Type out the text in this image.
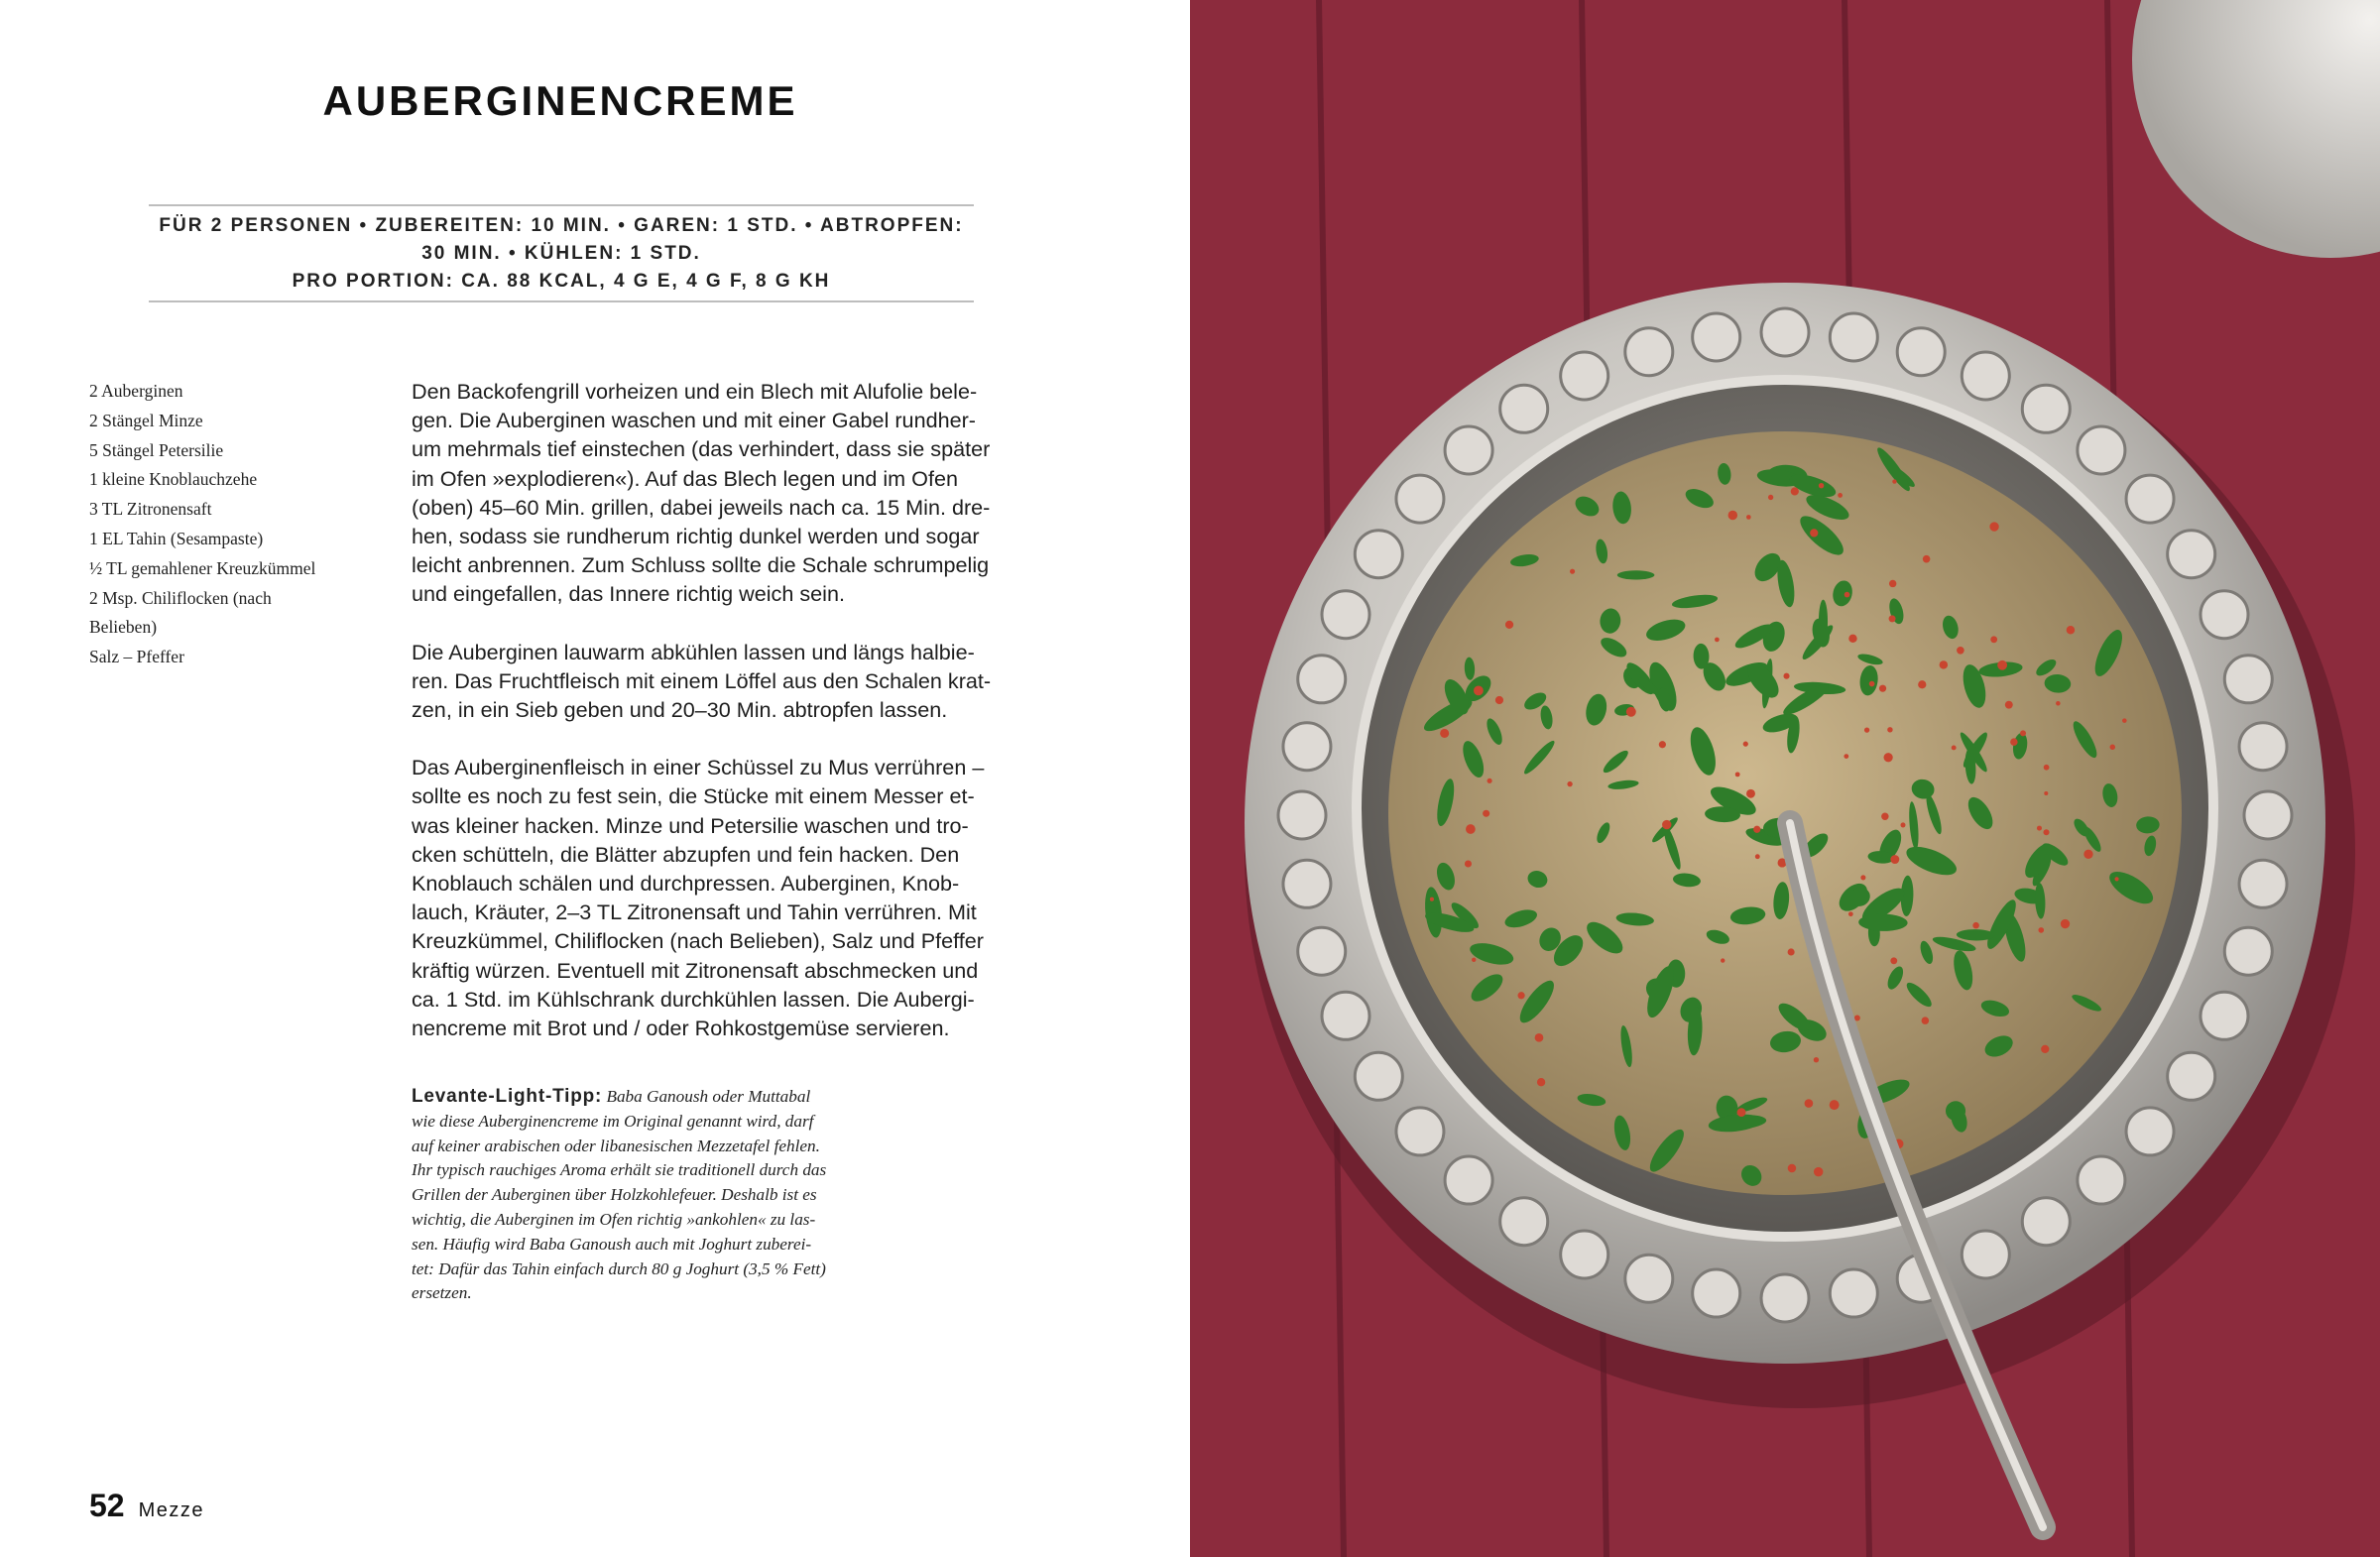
AUBERGINENCREME
FÜR 2 PERSONEN • ZUBEREITEN: 10 MIN. • GAREN: 1 STD. • ABTROPFEN:
30 MIN. • KÜHLEN: 1 STD.
PRO PORTION: CA. 88 KCAL, 4 G E, 4 G F, 8 G KH
2 Auberginen
2 Stängel Minze
5 Stängel Petersilie
1 kleine Knoblauchzehe
3 TL Zitronensaft
1 EL Tahin (Sesampaste)
½ TL gemahlener Kreuzkümmel
2 Msp. Chiliflocken (nach
Belieben)
Salz – Pfeffer

Den Backofengrill vorheizen und ein Blech mit Alufolie bele-
gen. Die Auberginen waschen und mit einer Gabel rundher-
um mehrmals tief einstechen (das verhindert, dass sie später
im Ofen »explodieren«). Auf das Blech legen und im Ofen
(oben) 45–60 Min. grillen, dabei jeweils nach ca. 15 Min. dre-
hen, sodass sie rundherum richtig dunkel werden und sogar
leicht anbrennen. Zum Schluss sollte die Schale schrumpelig
und eingefallen, das Innere richtig weich sein.

Die Auberginen lauwarm abkühlen lassen und längs halbie-
ren. Das Fruchtfleisch mit einem Löffel aus den Schalen krat-
zen, in ein Sieb geben und 20–30 Min. abtropfen lassen.

Das Auberginenfleisch in einer Schüssel zu Mus verrühren –
sollte es noch zu fest sein, die Stücke mit einem Messer et-
was kleiner hacken. Minze und Petersilie waschen und tro-
cken schütteln, die Blätter abzupfen und fein hacken. Den
Knoblauch schälen und durchpressen. Auberginen, Knob-
lauch, Kräuter, 2–3 TL Zitronensaft und Tahin verrühren. Mit
Kreuzkümmel, Chiliflocken (nach Belieben), Salz und Pfeffer
kräftig würzen. Eventuell mit Zitronensaft abschmecken und
ca. 1 Std. im Kühlschrank durchkühlen lassen. Die Aubergi-
nencreme mit Brot und / oder Rohkostgemüse servieren.

Levante-Light-Tipp: Baba Ganoush oder Muttabal
wie diese Auberginencreme im Original genannt wird, darf
auf keiner arabischen oder libanesischen Mezzetafel fehlen.
Ihr typisch rauchiges Aroma erhält sie traditionell durch das
Grillen der Auberginen über Holzkohlefeuer. Deshalb ist es
wichtig, die Auberginen im Ofen richtig »ankohlen« zu las-
sen. Häufig wird Baba Ganoush auch mit Joghurt zuberei-
tet: Dafür das Tahin einfach durch 80 g Joghurt (3,5 % Fett)
ersetzen.

52 Mezze
